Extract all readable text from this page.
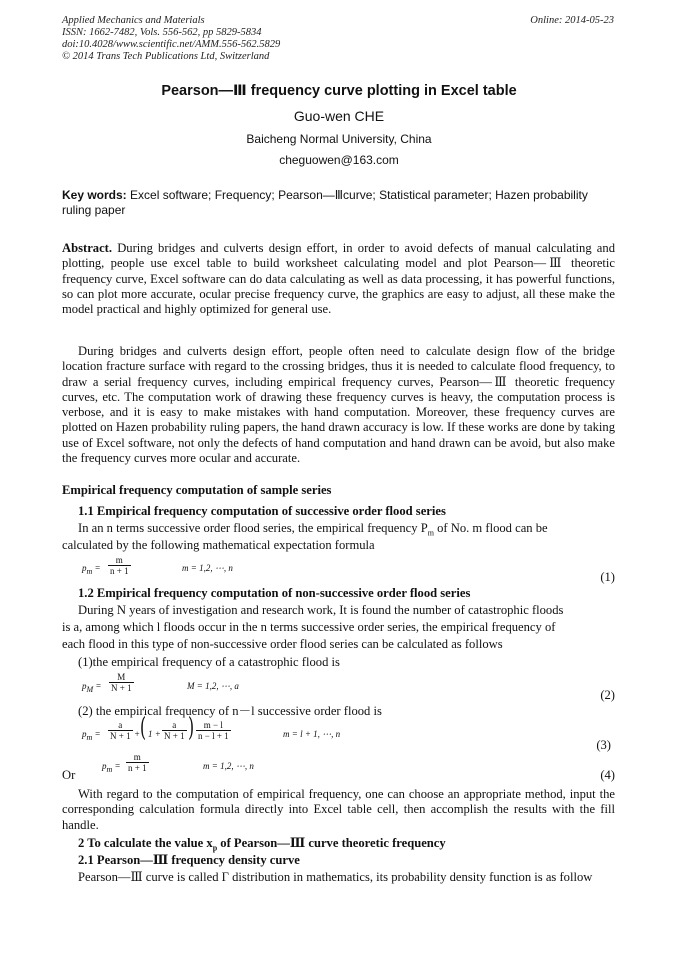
Applied Mechanics and Materials
ISSN: 1662-7482, Vols. 556-562, pp 5829-5834
doi:10.4028/www.scientific.net/AMM.556-562.5829
© 2014 Trans Tech Publications Ltd, Switzerland
Online: 2014-05-23
Pearson—Ⅲ frequency curve plotting in Excel table
Guo-wen CHE
Baicheng Normal University, China
cheguowen@163.com
Key words: Excel software; Frequency; Pearson—Ⅲcurve; Statistical parameter; Hazen probability ruling paper
Abstract. During bridges and culverts design effort, in order to avoid defects of manual calculating and plotting, people use excel table to build worksheet calculating model and plot Pearson—Ⅲ theoretic frequency curve, Excel software can do data calculating as well as data processing, it has powerful functions, so can plot more accurate, ocular precise frequency curve, the graphics are easy to adjust, all these make the model practical and highly optimized for general use.
During bridges and culverts design effort, people often need to calculate design flow of the bridge location fracture surface with regard to the crossing bridges, thus it is needed to calculate flood frequency, to draw a serial frequency curves, including empirical frequency curves, Pearson—Ⅲ theoretic frequency curves, etc. The computation work of drawing these frequency curves is heavy, the computation process is verbose, and it is easy to make mistakes with hand computation. Moreover, these frequency curves are plotted on Hazen probability ruling papers, the hand drawn accuracy is low. If these works are done by taking use of Excel software, not only the defects of hand computation and hand drawn can be avoid, but also make the frequency curves more ocular and accurate.
Empirical frequency computation of sample series
1.1 Empirical frequency computation of successive order flood series
In an n terms successive order flood series, the empirical frequency $P_m$ of No. m flood can be
calculated by the following mathematical expectation formula
$p_m = \frac{m}{n + 1}$	m = 1,2, ⋯, n
(1)
1.2 Empirical frequency computation of non-successive order flood series
During N years of investigation and research work, It is found the number of catastrophic floods
is a, among which l floods occur in the n terms successive order series, the empirical frequency of
each flood in this type of non-successive order flood series can be calculated as follows
(1)the empirical frequency of a catastrophic flood is
$p_M = \frac{M}{N + 1}$	M = 1,2, ⋯, a
(2)
(2) the empirical frequency of n－l successive order flood is
$p_m = \frac{a}{N + 1}$ + ( $1 + \frac{a}{N + 1}$ ) $\frac{m - l}{n - l + 1}$	m = l + 1, ⋯, n
(3)
Or
$p_m = \frac{m}{n + 1}$	m = 1,2, ⋯, n
(4)
With regard to the computation of empirical frequency, one can choose an appropriate method, input the corresponding calculation formula directly into Excel table cell, then accomplish the results with the fill handle.
2 To calculate the value $x_p$ of Pearson—Ⅲ curve theoretic frequency
2.1 Pearson—Ⅲ frequency density curve
Pearson—Ⅲ curve is called Γ distribution in mathematics, its probability density function is as follow
